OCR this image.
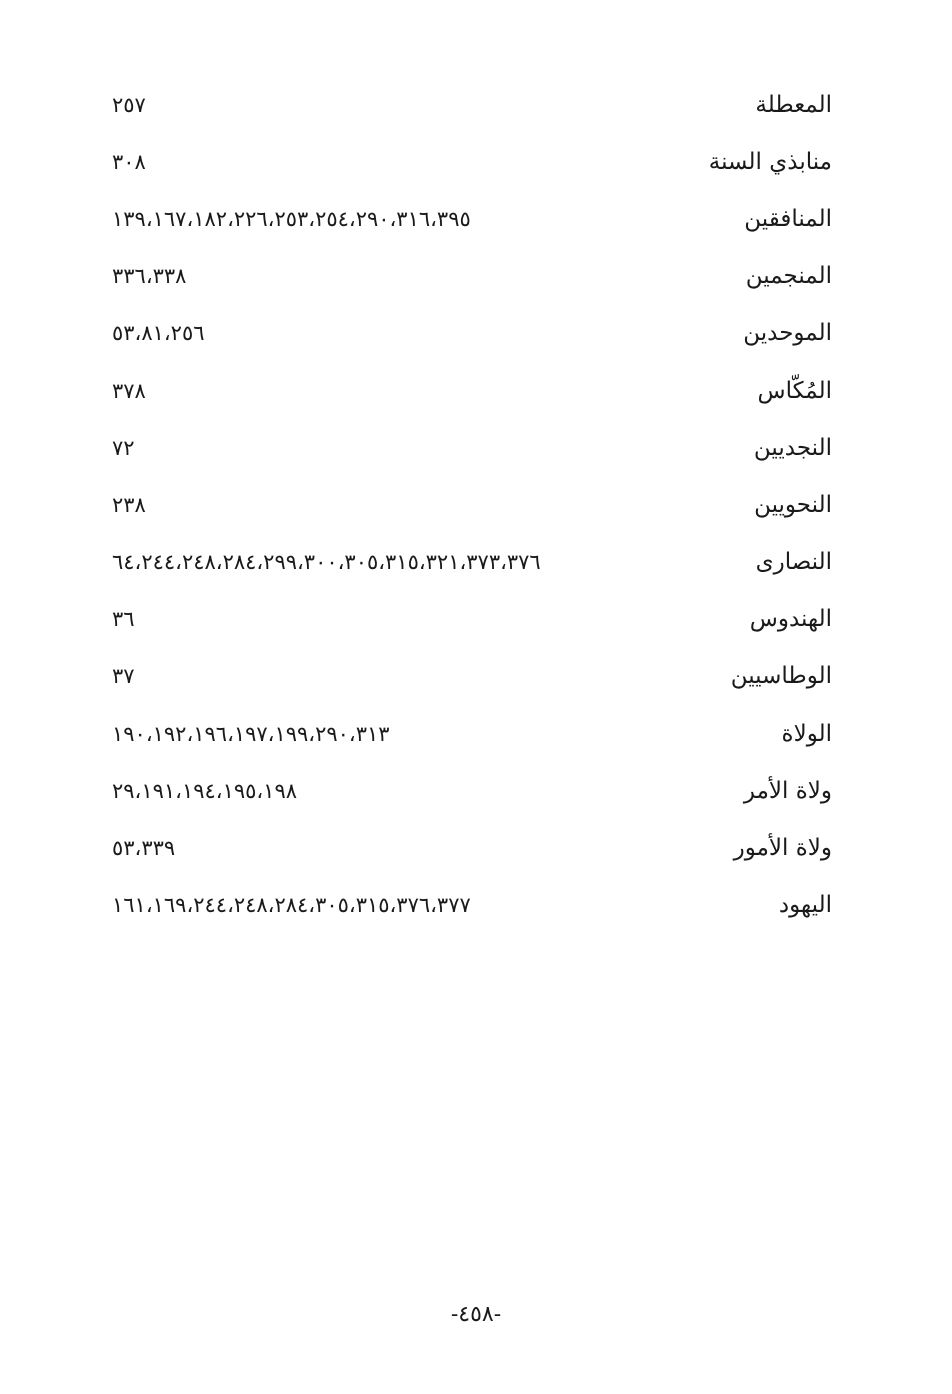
المعطلة
٢٥٧
منابذي السنة
٣٠٨
المنافقين
١٣٩،١٦٧،١٨٢،٢٢٦،٢٥٣،٢٥٤،٢٩٠،٣١٦،٣٩٥
المنجمين
٣٣٦،٣٣٨
الموحدين
٥٣،٨١،٢٥٦
المُكّاس
٣٧٨
النجديين
٧٢
النحويين
٢٣٨
النصارى
٦٤،٢٤٤،٢٤٨،٢٨٤،٢٩٩،٣٠٠،٣٠٥،٣١٥،٣٢١،٣٧٣،٣٧٦
الهندوس
٣٦
الوطاسيين
٣٧
الولاة
١٩٠،١٩٢،١٩٦،١٩٧،١٩٩،٢٩٠،٣١٣
ولاة الأمر
٢٩،١٩١،١٩٤،١٩٥،١٩٨
ولاة الأمور
٥٣،٣٣٩
اليهود
١٦١،١٦٩،٢٤٤،٢٤٨،٢٨٤،٣٠٥،٣١٥،٣٧٦،٣٧٧
-٤٥٨-
